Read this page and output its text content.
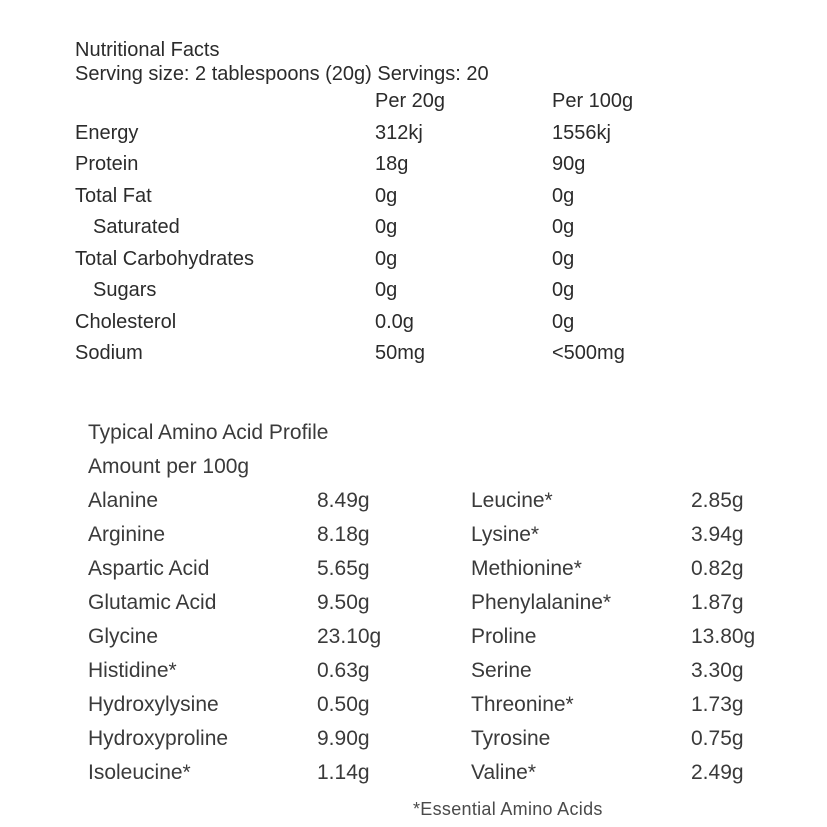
Nutritional Facts
Serving size: 2 tablespoons (20g) Servings: 20
Per 20g	Per 100g
Energy	312kj	1556kj
Protein	18g	90g
Total Fat	0g	0g
Saturated	0g	0g
Total Carbohydrates	0g	0g
Sugars	0g	0g
Cholesterol	0.0g	0g
Sodium	50mg	<500mg
Typical Amino Acid Profile
Amount per 100g
Alanine	8.49g	Leucine*	2.85g
Arginine	8.18g	Lysine*	3.94g
Aspartic Acid	5.65g	Methionine*	0.82g
Glutamic Acid	9.50g	Phenylalanine*	1.87g
Glycine	23.10g	Proline	13.80g
Histidine*	0.63g	Serine	3.30g
Hydroxylysine	0.50g	Threonine*	1.73g
Hydroxyproline	9.90g	Tyrosine	0.75g
Isoleucine*	1.14g	Valine*	2.49g
*Essential Amino Acids
